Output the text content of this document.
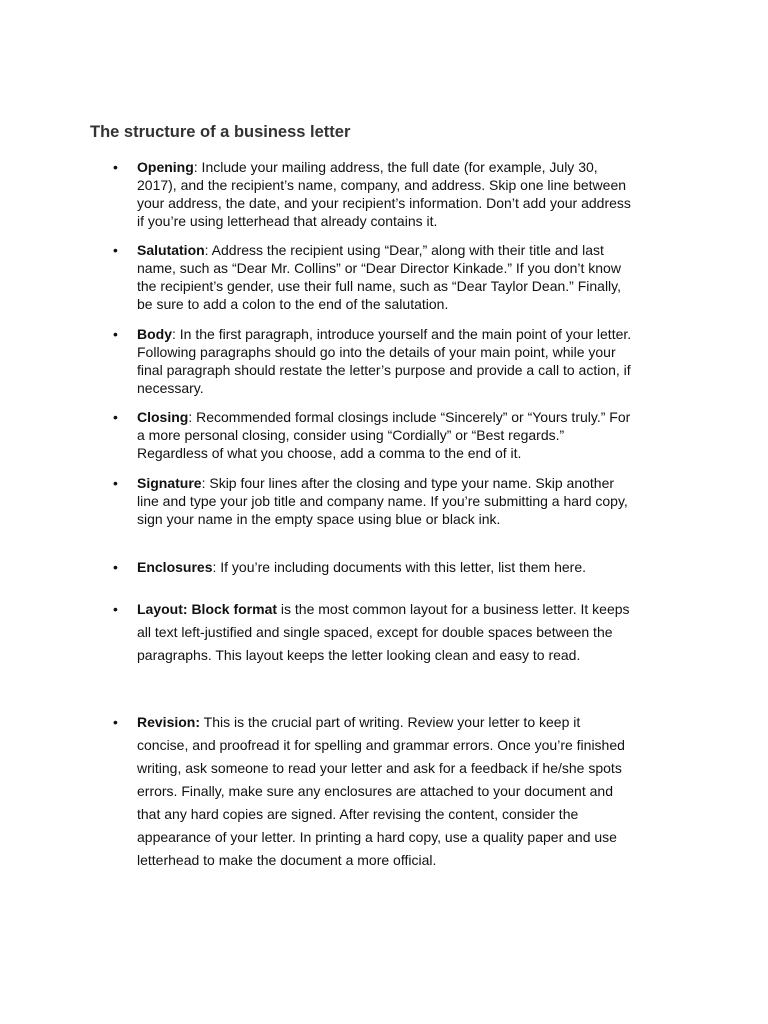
The structure of a business letter
• Opening: Include your mailing address, the full date (for example, July 30, 2017), and the recipient’s name, company, and address. Skip one line between your address, the date, and your recipient’s information. Don’t add your address if you’re using letterhead that already contains it.
• Salutation: Address the recipient using “Dear,” along with their title and last name, such as “Dear Mr. Collins” or “Dear Director Kinkade.” If you don’t know the recipient’s gender, use their full name, such as “Dear Taylor Dean.” Finally, be sure to add a colon to the end of the salutation.
• Body: In the first paragraph, introduce yourself and the main point of your letter. Following paragraphs should go into the details of your main point, while your final paragraph should restate the letter’s purpose and provide a call to action, if necessary.
• Closing: Recommended formal closings include “Sincerely” or “Yours truly.” For a more personal closing, consider using “Cordially” or “Best regards.” Regardless of what you choose, add a comma to the end of it.
• Signature: Skip four lines after the closing and type your name. Skip another line and type your job title and company name. If you’re submitting a hard copy, sign your name in the empty space using blue or black ink.
• Enclosures: If you’re including documents with this letter, list them here.
• Layout: Block format is the most common layout for a business letter. It keeps all text left-justified and single spaced, except for double spaces between the paragraphs. This layout keeps the letter looking clean and easy to read.
• Revision: This is the crucial part of writing. Review your letter to keep it concise, and proofread it for spelling and grammar errors. Once you’re finished writing, ask someone to read your letter and ask for a feedback if he/she spots errors. Finally, make sure any enclosures are attached to your document and that any hard copies are signed. After revising the content, consider the appearance of your letter. In printing a hard copy, use a quality paper and use letterhead to make the document a more official.
